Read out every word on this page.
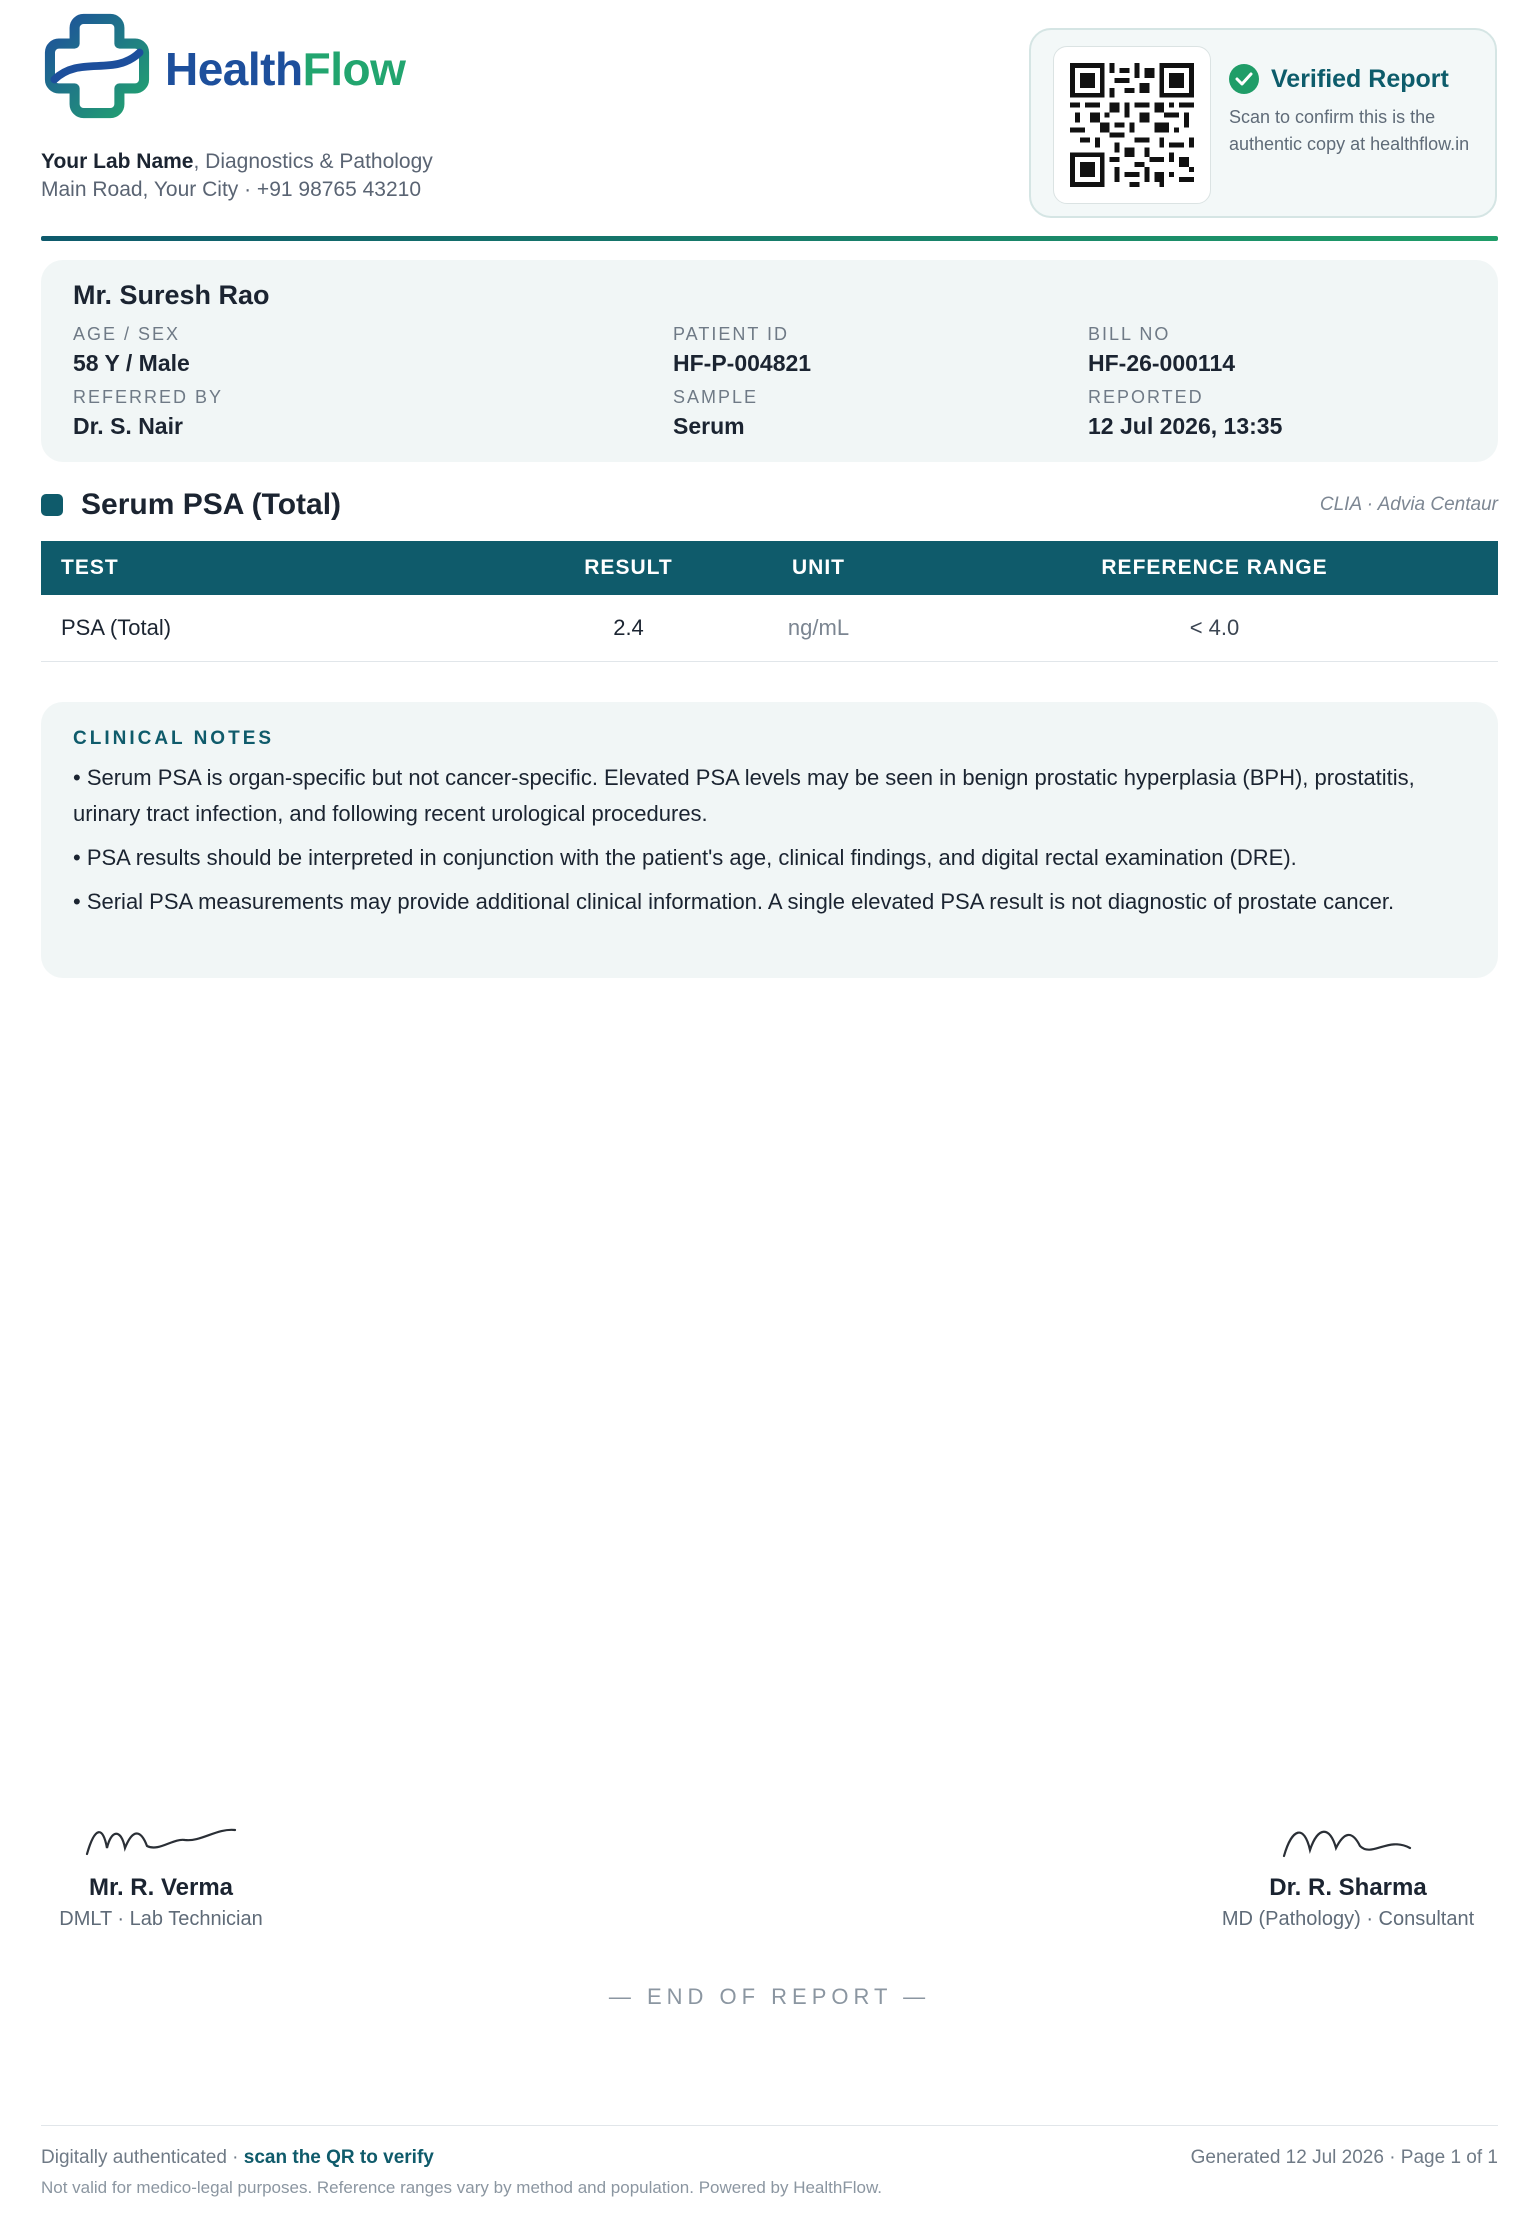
HealthFlow
Your Lab Name, Diagnostics & Pathology
Main Road, Your City · +91 98765 43210
Verified Report
Scan to confirm this is the authentic copy at healthflow.in
Mr. Suresh Rao
AGE / SEX
58 Y / Male
PATIENT ID
HF-P-004821
BILL NO
HF-26-000114
REFERRED BY
Dr. S. Nair
SAMPLE
Serum
REPORTED
12 Jul 2026, 13:35
Serum PSA (Total)	CLIA · Advia Centaur
TEST	RESULT	UNIT	REFERENCE RANGE
PSA (Total)	2.4	ng/mL	< 4.0
CLINICAL NOTES

• Serum PSA is organ-specific but not cancer-specific. Elevated PSA levels may be seen in benign prostatic hyperplasia (BPH), prostatitis, urinary tract infection, and following recent urological procedures.

• PSA results should be interpreted in conjunction with the patient's age, clinical findings, and digital rectal examination (DRE).

• Serial PSA measurements may provide additional clinical information. A single elevated PSA result is not diagnostic of prostate cancer.

Mr. R. Verma
DMLT · Lab Technician
Dr. R. Sharma
MD (Pathology) · Consultant
— END OF REPORT —
Digitally authenticated · scan the QR to verify
Not valid for medico-legal purposes. Reference ranges vary by method and population. Powered by HealthFlow.
Generated 12 Jul 2026 · Page 1 of 1
